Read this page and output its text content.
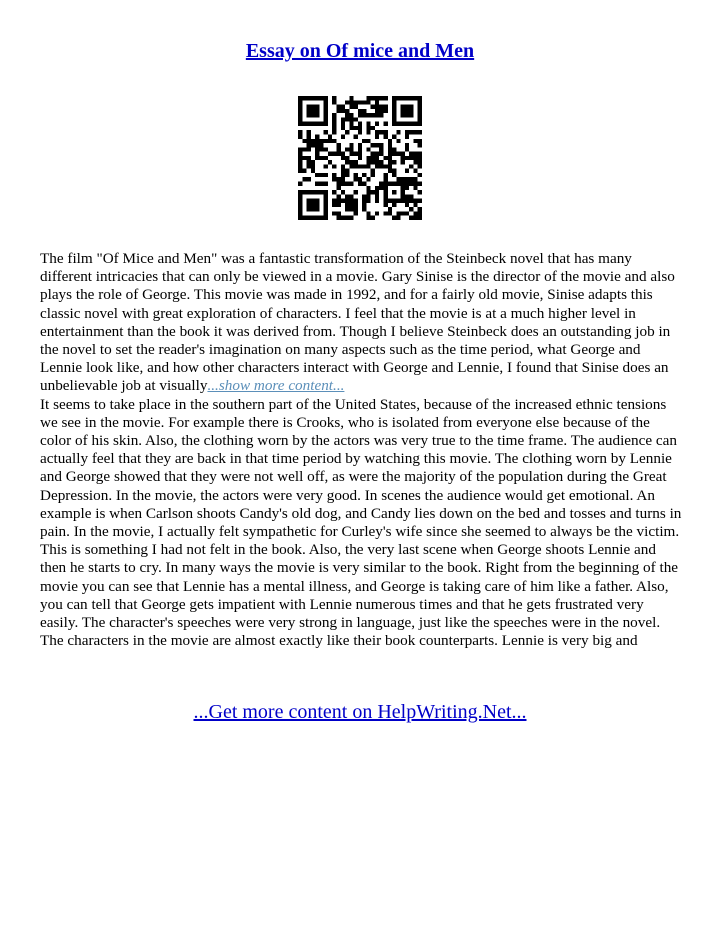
Essay on Of mice and Men

The film "Of Mice and Men" was a fantastic transformation of the Steinbeck novel that has many different intricacies that can only be viewed in a movie. Gary Sinise is the director of the movie and also plays the role of George. This movie was made in 1992, and for a fairly old movie, Sinise adapts this classic novel with great exploration of characters. I feel that the movie is at a much higher level in entertainment than the book it was derived from. Though I believe Steinbeck does an outstanding job in the novel to set the reader's imagination on many aspects such as the time period, what George and Lennie look like, and how other characters interact with George and Lennie, I found that Sinise does an unbelievable job at visually...show more content...

It seems to take place in the southern part of the United States, because of the increased ethnic tensions we see in the movie. For example there is Crooks, who is isolated from everyone else because of the color of his skin. Also, the clothing worn by the actors was very true to the time frame. The audience can actually feel that they are back in that time period by watching this movie. The clothing worn by Lennie and George showed that they were not well off, as were the majority of the population during the Great Depression. In the movie, the actors were very good. In scenes the audience would get emotional. An example is when Carlson shoots Candy's old dog, and Candy lies down on the bed and tosses and turns in pain. In the movie, I actually felt sympathetic for Curley's wife since she seemed to always be the victim. This is something I had not felt in the book. Also, the very last scene when George shoots Lennie and then he starts to cry. In many ways the movie is very similar to the book. Right from the beginning of the movie you can see that Lennie has a mental illness, and George is taking care of him like a father. Also, you can tell that George gets impatient with Lennie numerous times and that he gets frustrated very easily. The character's speeches were very strong in language, just like the speeches were in the novel. The characters in the movie are almost exactly like their book counterparts. Lennie is very big and

...Get more content on HelpWriting.Net...
